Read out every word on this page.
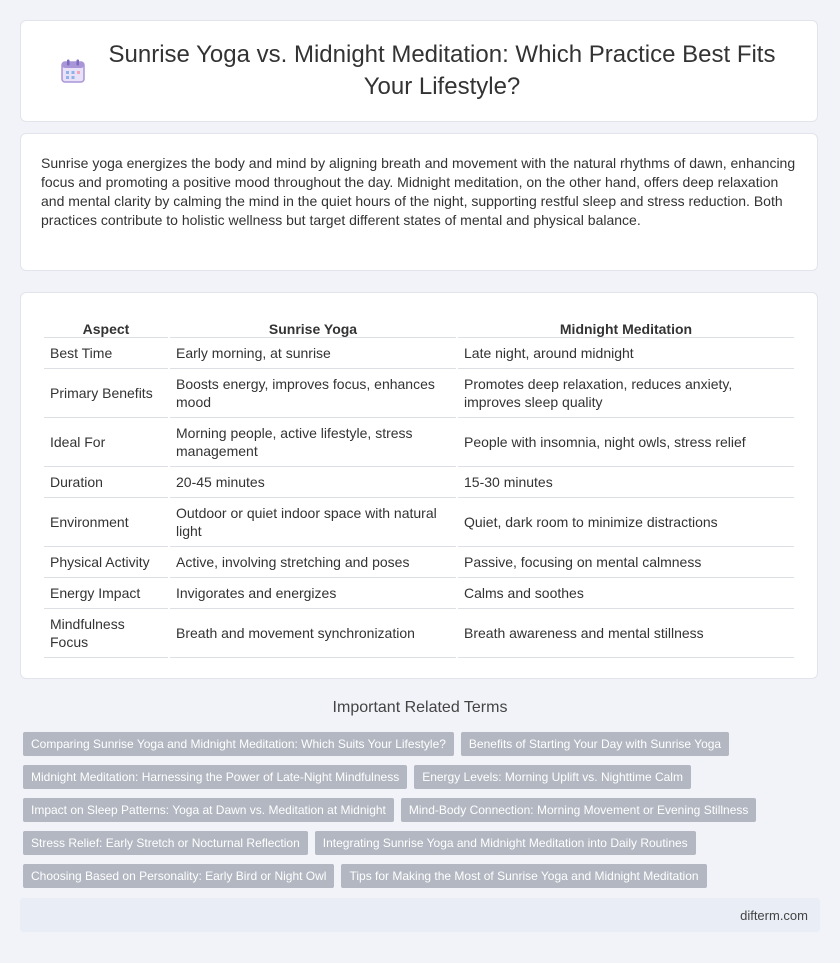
Sunrise Yoga vs. Midnight Meditation: Which Practice Best Fits Your Lifestyle?

Sunrise yoga energizes the body and mind by aligning breath and movement with the natural rhythms of dawn, enhancing focus and promoting a positive mood throughout the day. Midnight meditation, on the other hand, offers deep relaxation and mental clarity by calming the mind in the quiet hours of the night, supporting restful sleep and stress reduction. Both practices contribute to holistic wellness but target different states of mental and physical balance.

Aspect	Sunrise Yoga	Midnight Meditation
Best Time	Early morning, at sunrise	Late night, around midnight
Primary Benefits	Boosts energy, improves focus, enhances mood	Promotes deep relaxation, reduces anxiety, improves sleep quality
Ideal For	Morning people, active lifestyle, stress management	People with insomnia, night owls, stress relief
Duration	20-45 minutes	15-30 minutes
Environment	Outdoor or quiet indoor space with natural light	Quiet, dark room to minimize distractions
Physical Activity	Active, involving stretching and poses	Passive, focusing on mental calmness
Energy Impact	Invigorates and energizes	Calms and soothes
Mindfulness Focus	Breath and movement synchronization	Breath awareness and mental stillness
Important Related Terms
Comparing Sunrise Yoga and Midnight Meditation: Which Suits Your Lifestyle?	Benefits of Starting Your Day with Sunrise Yoga
Midnight Meditation: Harnessing the Power of Late-Night Mindfulness	Energy Levels: Morning Uplift vs. Nighttime Calm
Impact on Sleep Patterns: Yoga at Dawn vs. Meditation at Midnight	Mind-Body Connection: Morning Movement or Evening Stillness
Stress Relief: Early Stretch or Nocturnal Reflection	Integrating Sunrise Yoga and Midnight Meditation into Daily Routines
Choosing Based on Personality: Early Bird or Night Owl	Tips for Making the Most of Sunrise Yoga and Midnight Meditation
difterm.com
